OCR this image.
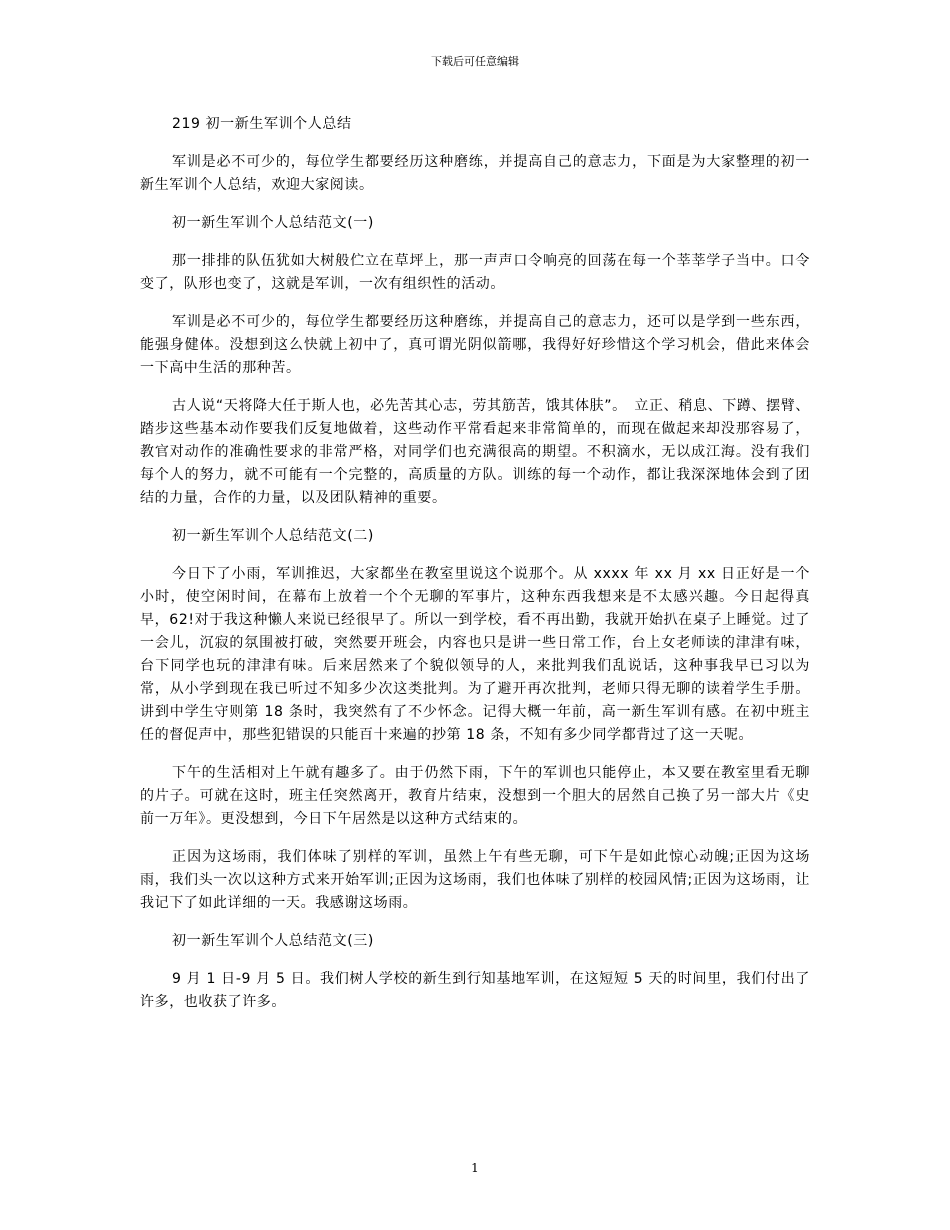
下载后可任意编辑

219 初一新生军训个人总结

军训是必不可少的，每位学生都要经历这种磨练，并提高自己的意志力，下面是为大家整理的初一新生军训个人总结，欢迎大家阅读。

初一新生军训个人总结范文(一)

那一排排的队伍犹如大树般伫立在草坪上，那一声声口令响亮的回荡在每一个莘莘学子当中。口令变了，队形也变了，这就是军训，一次有组织性的活动。

军训是必不可少的，每位学生都要经历这种磨练，并提高自己的意志力，还可以是学到一些东西，能强身健体。没想到这么快就上初中了，真可谓光阴似箭哪，我得好好珍惜这个学习机会，借此来体会一下高中生活的那种苦。

古人说“天将降大任于斯人也，必先苦其心志，劳其筋苦，饿其体肤”。　立正、稍息、下蹲、摆臂、踏步这些基本动作要我们反复地做着，这些动作平常看起来非常简单的，而现在做起来却没那容易了，教官对动作的准确性要求的非常严格，对同学们也充满很高的期望。不积滴水，无以成江海。没有我们每个人的努力，就不可能有一个完整的，高质量的方队。训练的每一个动作，都让我深深地体会到了团结的力量，合作的力量，以及团队精神的重要。

初一新生军训个人总结范文(二)

今日下了小雨，军训推迟，大家都坐在教室里说这个说那个。从 xxxx 年 xx 月 xx 日正好是一个小时，使空闲时间，在幕布上放着一个个无聊的军事片，这种东西我想来是不太感兴趣。今日起得真早，62!对于我这种懒人来说已经很早了。所以一到学校，看不再出勤，我就开始扒在桌子上睡觉。过了一会儿，沉寂的氛围被打破，突然要开班会，内容也只是讲一些日常工作，台上女老师读的津津有味，台下同学也玩的津津有味。后来居然来了个貌似领导的人，来批判我们乱说话，这种事我早已习以为常，从小学到现在我已听过不知多少次这类批判。为了避开再次批判，老师只得无聊的读着学生手册。讲到中学生守则第 18 条时，我突然有了不少怀念。记得大概一年前，高一新生军训有感。在初中班主任的督促声中，那些犯错误的只能百十来遍的抄第 18 条，不知有多少同学都背过了这一天呢。

下午的生活相对上午就有趣多了。由于仍然下雨，下午的军训也只能停止，本又要在教室里看无聊的片子。可就在这时，班主任突然离开，教育片结束，没想到一个胆大的居然自己换了另一部大片《史前一万年》。更没想到，今日下午居然是以这种方式结束的。

正因为这场雨，我们体味了别样的军训，虽然上午有些无聊，可下午是如此惊心动魄;正因为这场雨，我们头一次以这种方式来开始军训;正因为这场雨，我们也体味了别样的校园风情;正因为这场雨，让我记下了如此详细的一天。我感谢这场雨。

初一新生军训个人总结范文(三)

9 月 1 日-9 月 5 日。我们树人学校的新生到行知基地军训，在这短短 5 天的时间里，我们付出了许多，也收获了许多。

1
